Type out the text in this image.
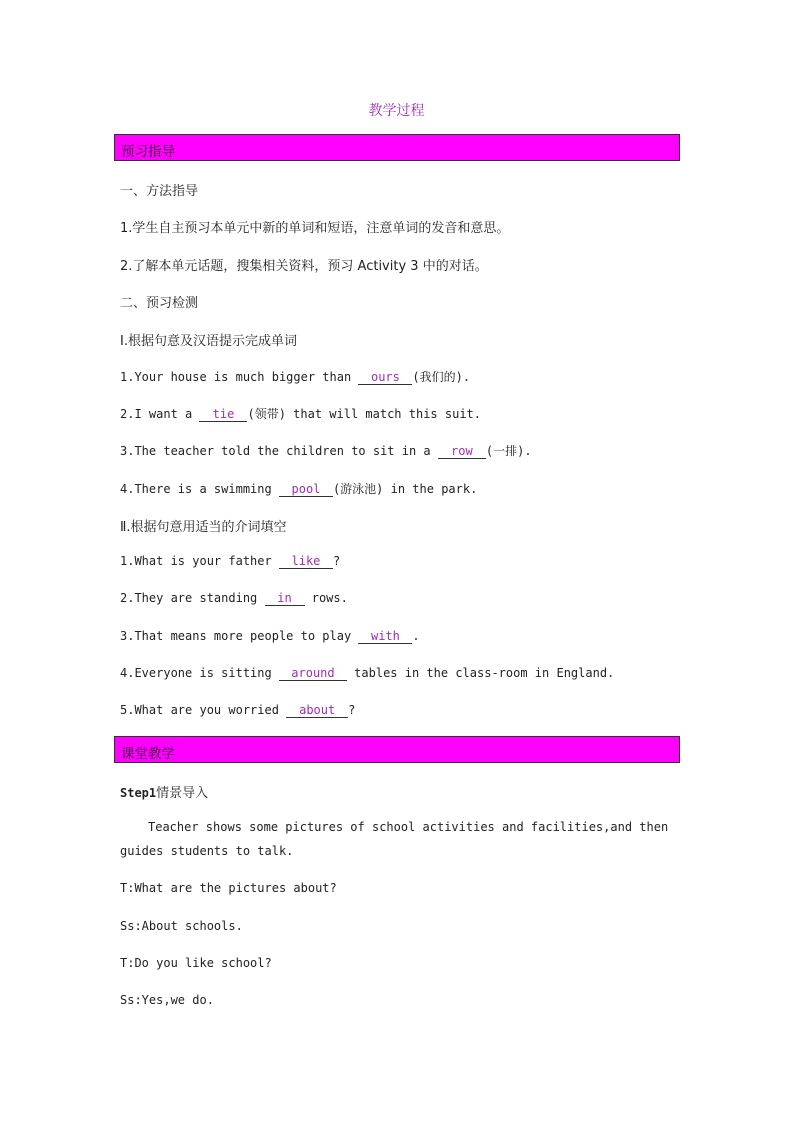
教学过程
预习指导
一、方法指导
1.学生自主预习本单元中新的单词和短语，注意单词的发音和意思。
2.了解本单元话题，搜集相关资料，预习 Activity 3 中的对话。
二、预习检测
Ⅰ.根据句意及汉语提示完成单词
1.Your house is much bigger than ours (我们的).
2.I want a tie (领带) that will match this suit.
3.The teacher told the children to sit in a row (一排).
4.There is a swimming pool (游泳池) in the park.
Ⅱ.根据句意用适当的介词填空
1.What is your father like ?
2.They are standing in rows.
3.That means more people to play with .
4.Everyone is sitting around tables in the class-room in England.
5.What are you worried about ?
课堂教学
Step1情景导入
Teacher shows some pictures of school activities and facilities,and then guides students to talk.
T:What are the pictures about?
Ss:About schools.
T:Do you like school?
Ss:Yes,we do.
